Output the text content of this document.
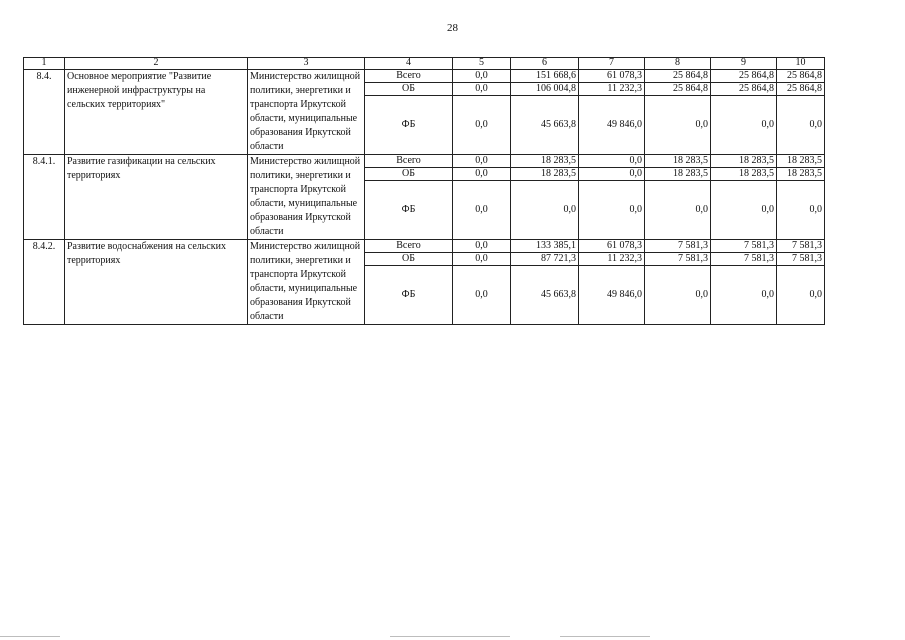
28
1	2	3	4	5	6	7	8	9	10
8.4.	Основное мероприятие "Развитие инженерной инфраструктуры на сельских территориях"	Министерство жилищной политики, энергетики и транспорта Иркутской области, муниципальные образования Иркутской области	Всего	0,0	151 668,6	61 078,3	25 864,8	25 864,8	25 864,8
			ОБ	0,0	106 004,8	11 232,3	25 864,8	25 864,8	25 864,8
			ФБ	0,0	45 663,8	49 846,0	0,0	0,0	0,0
8.4.1.	Развитие газификации на сельских территориях	Министерство жилищной политики, энергетики и транспорта Иркутской области, муниципальные образования Иркутской области	Всего	0,0	18 283,5	0,0	18 283,5	18 283,5	18 283,5
			ОБ	0,0	18 283,5	0,0	18 283,5	18 283,5	18 283,5
			ФБ	0,0	0,0	0,0	0,0	0,0	0,0
8.4.2.	Развитие водоснабжения на сельских территориях	Министерство жилищной политики, энергетики и транспорта Иркутской области, муниципальные образования Иркутской области	Всего	0,0	133 385,1	61 078,3	7 581,3	7 581,3	7 581,3
			ОБ	0,0	87 721,3	11 232,3	7 581,3	7 581,3	7 581,3
			ФБ	0,0	45 663,8	49 846,0	0,0	0,0	0,0
